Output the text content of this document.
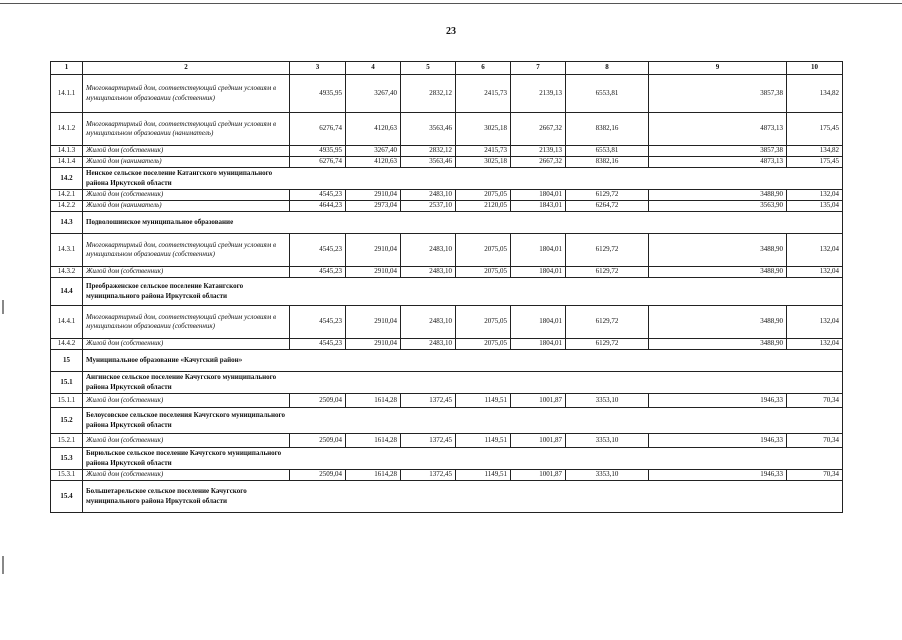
23
1	2	3	4	5	6	7	8	9	10
14.1.1	Многоквартирный дом, соответствующий средним условиям в муниципальном образовании (собственник)	4935,95	3267,40	2832,12	2415,73	2139,13	6553,81	3857,38	134,82
14.1.2	Многоквартирный дом, соответствующий средним условиям в муниципальном образовании (наниматель)	6276,74	4120,63	3563,46	3025,18	2667,32	8382,16	4873,13	175,45
14.1.3	Жилой дом (собственник)	4935,95	3267,40	2832,12	2415,73	2139,13	6553,81	3857,38	134,82
14.1.4	Жилой дом (наниматель)	6276,74	4120,63	3563,46	3025,18	2667,32	8382,16	4873,13	175,45
14.2	Ненское сельское поселение Катангского муниципального района Иркутской области								
14.2.1	Жилой дом (собственник)	4545,23	2910,04	2483,10	2075,05	1804,01	6129,72	3488,90	132,04
14.2.2	Жилой дом (наниматель)	4644,23	2973,04	2537,10	2120,05	1843,01	6264,72	3563,90	135,04
14.3	Подволошинское муниципальное образование								
14.3.1	Многоквартирный дом, соответствующий средним условиям в муниципальном образовании (собственник)	4545,23	2910,04	2483,10	2075,05	1804,01	6129,72	3488,90	132,04
14.3.2	Жилой дом (собственник)	4545,23	2910,04	2483,10	2075,05	1804,01	6129,72	3488,90	132,04
14.4	Преображенское сельское поселение Катангского муниципального района Иркутской области								
14.4.1	Многоквартирный дом, соответствующий средним условиям в муниципальном образовании (собственник)	4545,23	2910,04	2483,10	2075,05	1804,01	6129,72	3488,90	132,04
14.4.2	Жилой дом (собственник)	4545,23	2910,04	2483,10	2075,05	1804,01	6129,72	3488,90	132,04
15	Муниципальное образование «Качугский район»								
15.1	Ангинское сельское поселение Качугского муниципального района Иркутской области								
15.1.1	Жилой дом (собственник)	2509,04	1614,28	1372,45	1149,51	1001,87	3353,10	1946,33	70,34
15.2	Белоусовское сельское поселения Качугского муниципального района Иркутской области								
15.2.1	Жилой дом (собственник)	2509,04	1614,28	1372,45	1149,51	1001,87	3353,10	1946,33	70,34
15.3	Бирюльское сельское поселение Качугского муниципального района Иркутской области								
15.3.1	Жилой дом (собственник)	2509,04	1614,28	1372,45	1149,51	1001,87	3353,10	1946,33	70,34
15.4	Большетарельское сельское поселение Качугского муниципального района Иркутской области								
